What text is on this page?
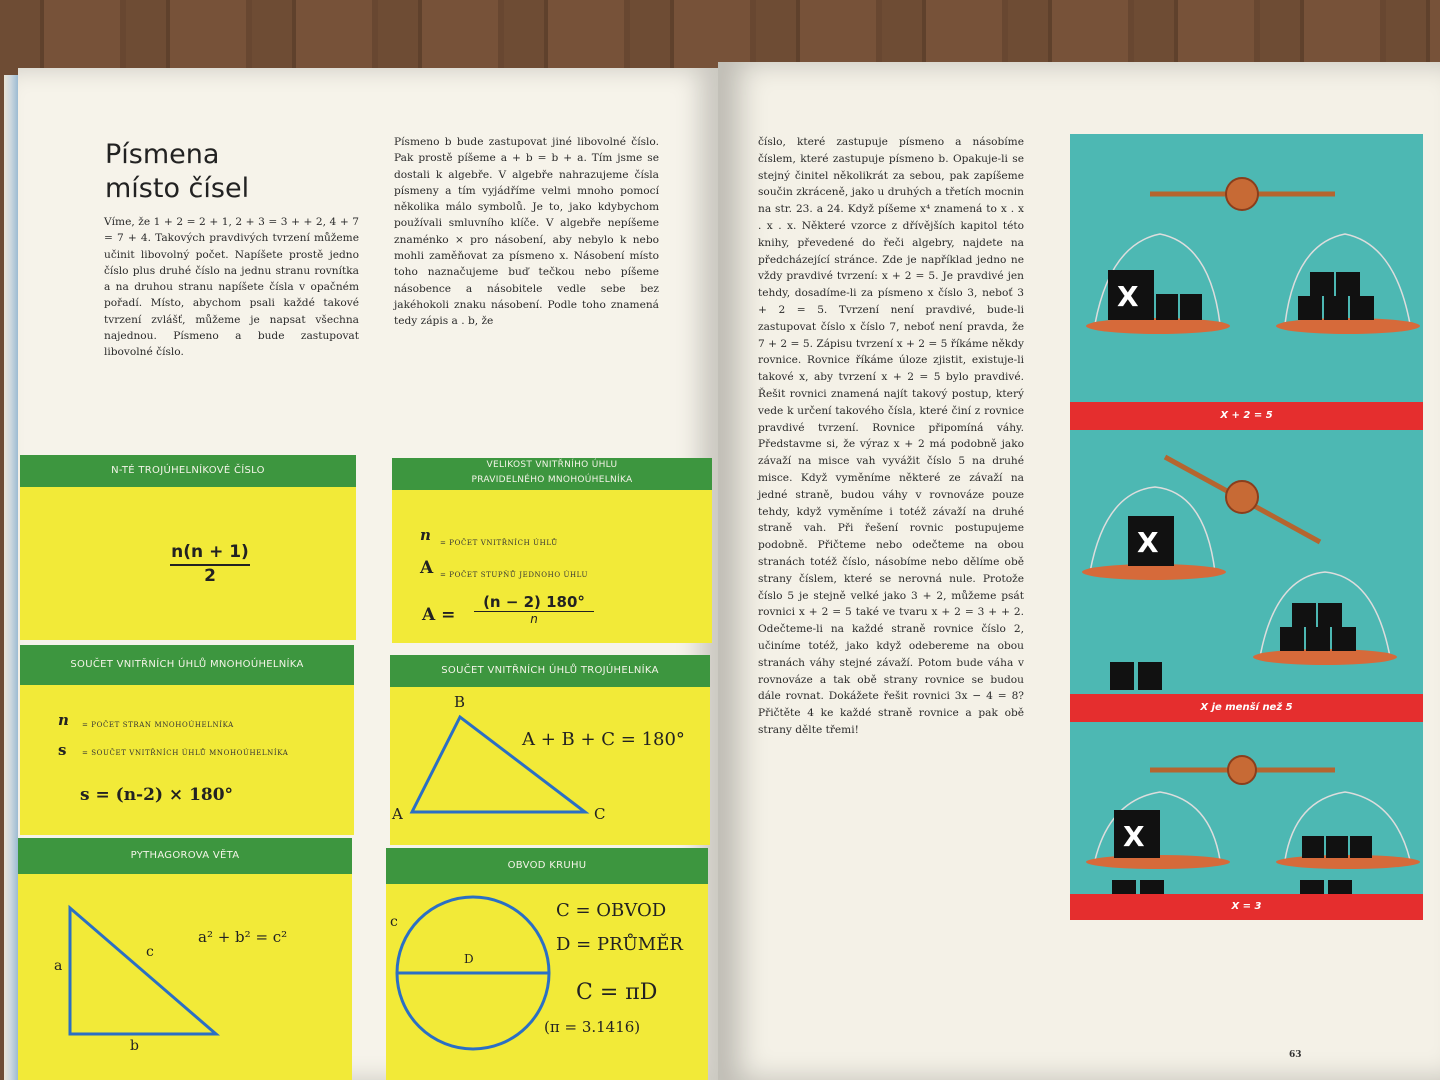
Písmena
místo čísel
Víme, že 1 + 2 = 2 + 1, 2 + 3 = 3 + + 2, 4 + 7 = 7 + 4. Takových pravdivých tvrzení můžeme učinit libovolný počet. Napíšete prostě jedno číslo plus druhé číslo na jednu stranu rovnítka a na druhou stranu napíšete čísla v opačném pořadí. Místo, abychom psali každé takové tvrzení zvlášť, můžeme je napsat všechna najednou. Písmeno a bude zastupovat libovolné číslo.
Písmeno b bude zastupovat jiné libovolné číslo. Pak prostě píšeme a + b = b + a. Tím jsme se dostali k algebře. V algebře nahrazujeme čísla písmeny a tím vyjádříme velmi mnoho pomocí několika málo symbolů. Je to, jako kdybychom používali smluvního klíče. V algebře nepíšeme znaménko × pro násobení, aby nebylo k nebo mohli zaměňovat za písmeno x. Násobení místo toho naznačujeme buď tečkou nebo píšeme násobence a násobitele vedle sebe bez jakéhokoli znaku násobení. Podle toho znamená tedy zápis a . b, že
N-TÉ TROJÚHELNÍKOVÉ ČÍSLO
$\frac{n(n + 1)}{2}$
VELIKOST VNITŘNÍHO ÚHLU
PRAVIDELNÉHO MNOHOÚHELNÍKA
n = POČET VNITŘNÍCH ÚHLŮ
A = POČET STUPŇŮ JEDNOHO ÚHLU
A =
(n − 2) 180°
n
SOUČET VNITŘNÍCH ÚHLŮ MNOHOÚHELNÍKA
n = POČET STRAN MNOHOÚHELNÍKA
s = SOUČET VNITŘNÍCH ÚHLŮ MNOHOÚHELNÍKA
s = (n-2) × 180°
SOUČET VNITŘNÍCH ÚHLŮ TROJÚHELNÍKA
B
A	C
A + B + C = 180°
PYTHAGOROVA VĚTA
a
b
c
a² + b² = c²
OBVOD KRUHU
c
D
C = OBVOD
D = PRŮMĚR
C = πD
(π = 3.1416)
číslo, které zastupuje písmeno a násobíme číslem, které zastupuje písmeno b. Opakuje-li se stejný činitel několikrát za sebou, pak zapíšeme součin zkráceně, jako u druhých a třetích mocnin na str. 23. a 24. Když píšeme x⁴ znamená to x . x . x . x. Některé vzorce z dřívějších kapitol této knihy, převedené do řeči algebry, najdete na předcházející stránce. Zde je například jedno ne vždy pravdivé tvrzení: x + 2 = 5. Je pravdivé jen tehdy, dosadíme-li za písmeno x číslo 3, neboť 3 + 2 = 5. Tvrzení není pravdivé, bude-li zastupovat číslo x číslo 7, neboť není pravda, že 7 + 2 = 5. Zápisu tvrzení x + 2 = 5 říkáme někdy rovnice. Rovnice říkáme úloze zjistit, existuje-li takové x, aby tvrzení x + 2 = 5 bylo pravdivé. Řešit rovnici znamená najít takový postup, který vede k určení takového čísla, které činí z rovnice pravdivé tvrzení. Rovnice připomíná váhy. Představme si, že výraz x + 2 má podobně jako závaží na misce vah vyvážit číslo 5 na druhé misce. Když vyměníme některé ze závaží na jedné straně, budou váhy v rovnováze pouze tehdy, když vyměníme i totéž závaží na druhé straně vah. Při řešení rovnic postupujeme podobně. Přičteme nebo odečteme na obou stranách totéž číslo, násobíme nebo dělíme obě strany číslem, které se nerovná nule. Protože číslo 5 je stejně velké jako 3 + 2, můžeme psát rovnici x + 2 = 5 také ve tvaru x + 2 = 3 + + 2. Odečteme-li na každé straně rovnice číslo 2, učiníme totéž, jako když odebereme na obou stranách váhy stejné závaží. Potom bude váha v rovnováze a tak obě strany rovnice se budou dále rovnat. Dokážete řešit rovnici 3x − 4 = 8? Přičtěte 4 ke každé straně rovnice a pak obě strany dělte třemi!
X
X + 2 = 5
X
X je menší než 5
X
X = 3
63
